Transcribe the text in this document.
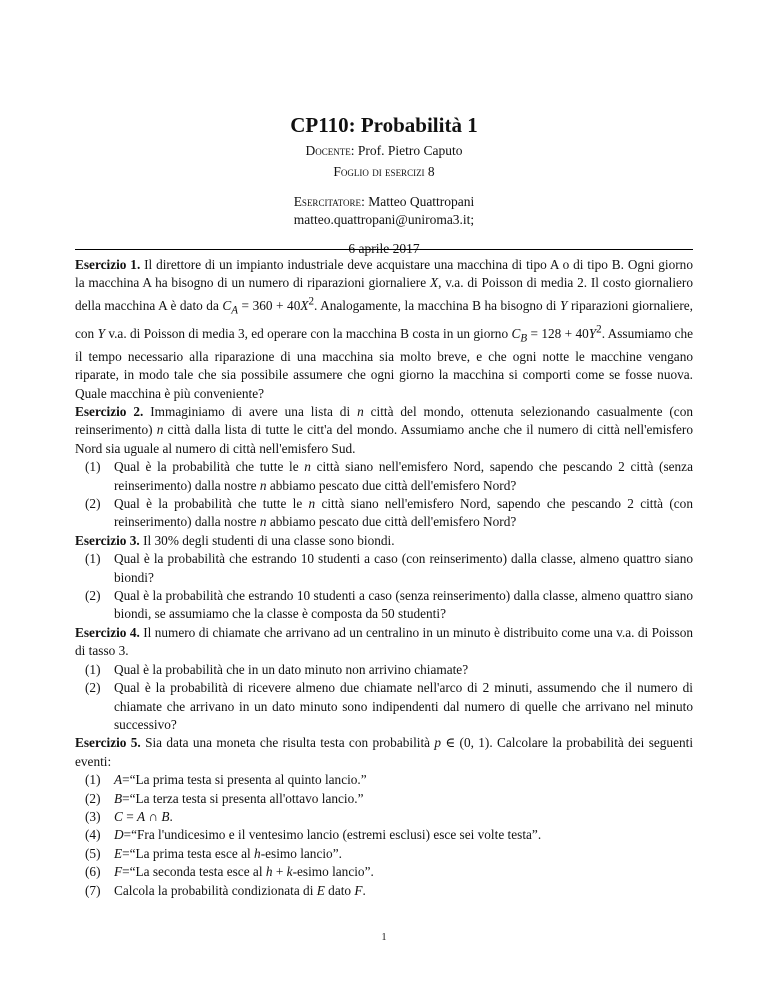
CP110: Probabilità 1

Docente: Prof. Pietro Caputo

Foglio di esercizi 8

Esercitatore: Matteo Quattropani

matteo.quattropani@uniroma3.it;

6 aprile 2017

Esercizio 1. Il direttore di un impianto industriale deve acquistare una macchina di tipo A o di tipo B. Ogni giorno la macchina A ha bisogno di un numero di riparazioni giornaliere X, v.a. di Poisson di media 2. Il costo giornaliero della macchina A è dato da $C_A = 360 + 40X^2$. Analogamente, la macchina B ha bisogno di Y riparazioni giornaliere, con Y v.a. di Poisson di media 3, ed operare con la macchina B costa in un giorno $C_B = 128 + 40Y^2$. Assumiamo che il tempo necessario alla riparazione di una macchina sia molto breve, e che ogni notte le macchine vengano riparate, in modo tale che sia possibile assumere che ogni giorno la macchina si comporti come se fosse nuova. Quale macchina è più conveniente?

Esercizio 2. Immaginiamo di avere una lista di n città del mondo, ottenuta selezionando casualmente (con reinserimento) n città dalla lista di tutte le citt'a del mondo. Assumiamo anche che il numero di città nell'emisfero Nord sia uguale al numero di città nell'emisfero Sud.

(1) Qual è la probabilità che tutte le n città siano nell'emisfero Nord, sapendo che pescando 2 città (senza reinserimento) dalla nostre n abbiamo pescato due città dell'emisfero Nord?
(2) Qual è la probabilità che tutte le n città siano nell'emisfero Nord, sapendo che pescando 2 città (con reinserimento) dalla nostre n abbiamo pescato due città dell'emisfero Nord?

Esercizio 3. Il 30% degli studenti di una classe sono biondi.

(1) Qual è la probabilità che estrando 10 studenti a caso (con reinserimento) dalla classe, almeno quattro siano biondi?
(2) Qual è la probabilità che estrando 10 studenti a caso (senza reinserimento) dalla classe, almeno quattro siano biondi, se assumiamo che la classe è composta da 50 studenti?

Esercizio 4. Il numero di chiamate che arrivano ad un centralino in un minuto è distribuito come una v.a. di Poisson di tasso 3.

(1) Qual è la probabilità che in un dato minuto non arrivino chiamate?
(2) Qual è la probabilità di ricevere almeno due chiamate nell'arco di 2 minuti, assumendo che il numero di chiamate che arrivano in un dato minuto sono indipendenti dal numero di quelle che arrivano nel minuto successivo?

Esercizio 5. Sia data una moneta che risulta testa con probabilità p ∈ (0, 1). Calcolare la probabilità dei seguenti eventi:

(1) A=“La prima testa si presenta al quinto lancio.”
(2) B=“La terza testa si presenta all'ottavo lancio.”
(3) C = A ∩ B.
(4) D=“Fra l'undicesimo e il ventesimo lancio (estremi esclusi) esce sei volte testa”.
(5) E=“La prima testa esce al h-esimo lancio”.
(6) F=“La seconda testa esce al h + k-esimo lancio”.
(7) Calcola la probabilità condizionata di E dato F.
1
